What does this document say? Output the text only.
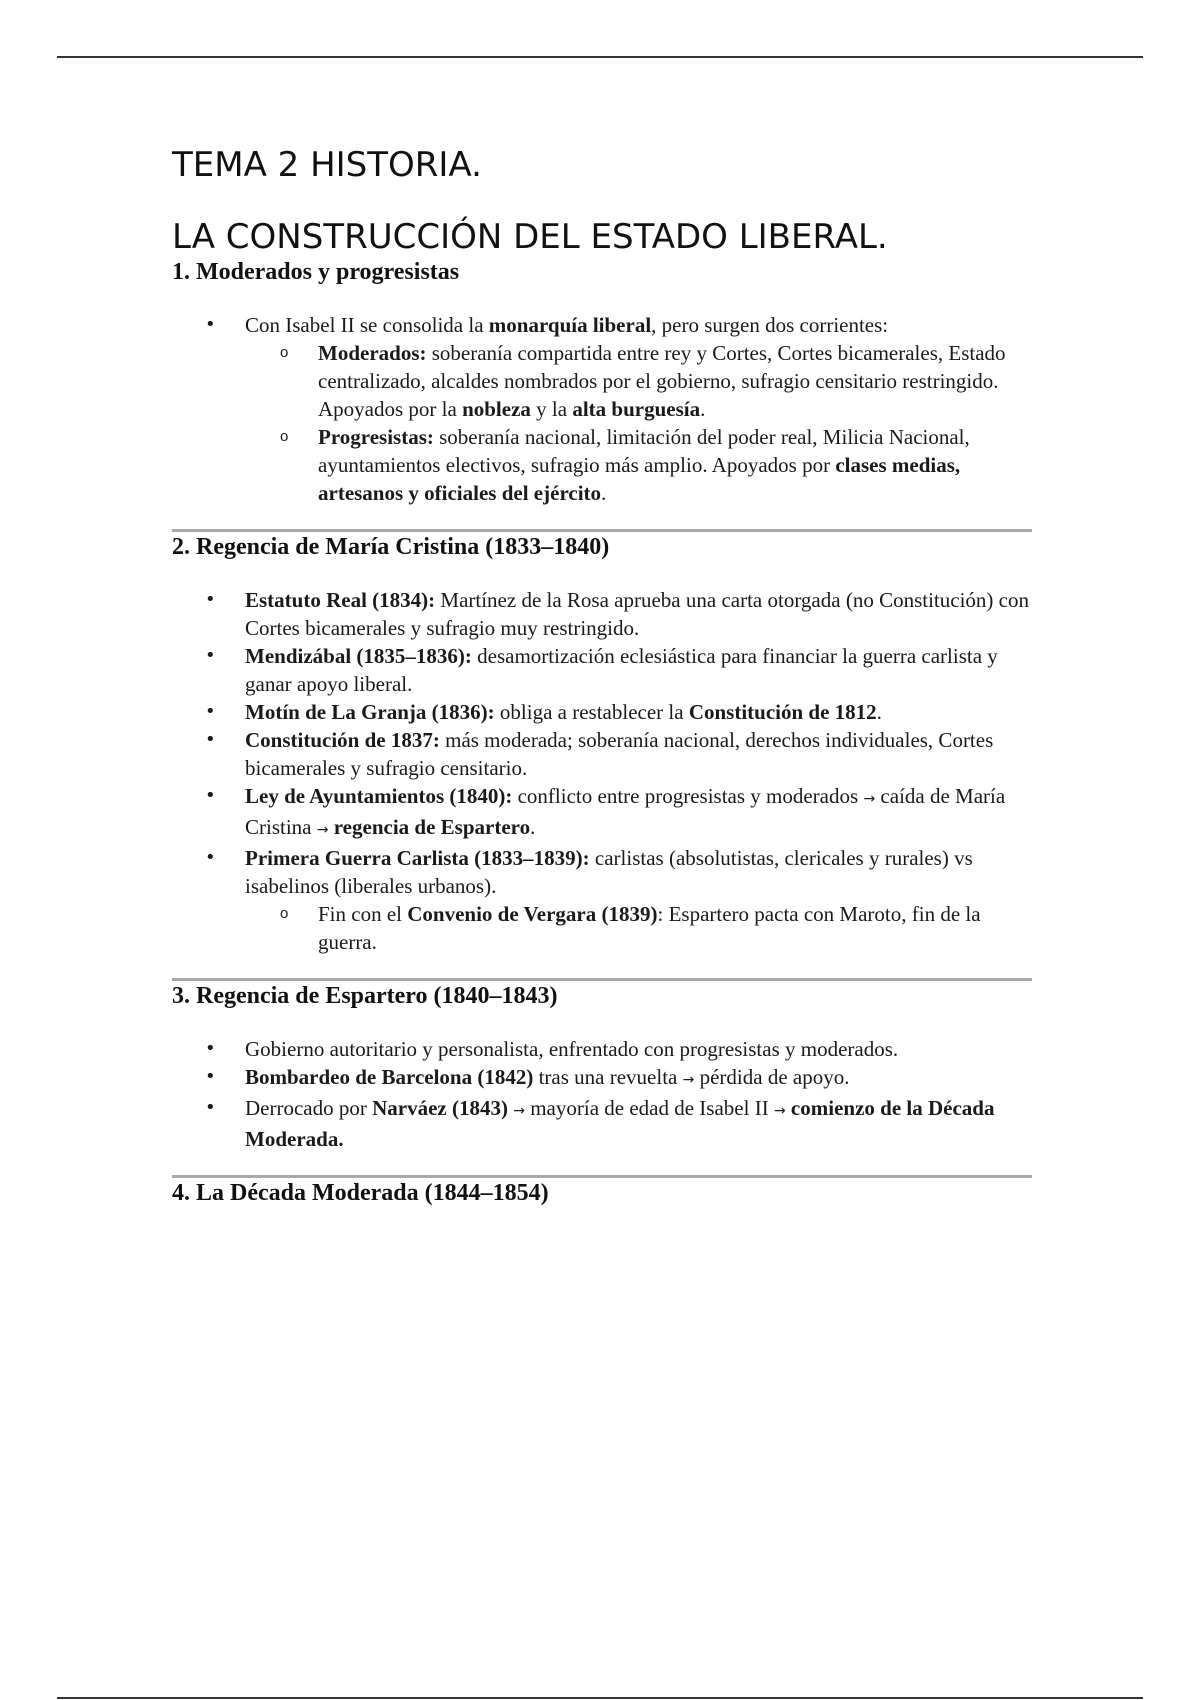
TEMA 2 HISTORIA.
LA CONSTRUCCIÓN DEL ESTADO LIBERAL.
1. Moderados y progresistas
• Con Isabel II se consolida la monarquía liberal, pero surgen dos corrientes:
o Moderados: soberanía compartida entre rey y Cortes, Cortes bicamerales, Estado centralizado, alcaldes nombrados por el gobierno, sufragio censitario restringido. Apoyados por la nobleza y la alta burguesía.
o Progresistas: soberanía nacional, limitación del poder real, Milicia Nacional, ayuntamientos electivos, sufragio más amplio. Apoyados por clases medias, artesanos y oficiales del ejército.
2. Regencia de María Cristina (1833–1840)
• Estatuto Real (1834): Martínez de la Rosa aprueba una carta otorgada (no Constitución) con Cortes bicamerales y sufragio muy restringido.
• Mendizábal (1835–1836): desamortización eclesiástica para financiar la guerra carlista y ganar apoyo liberal.
• Motín de La Granja (1836): obliga a restablecer la Constitución de 1812.
• Constitución de 1837: más moderada; soberanía nacional, derechos individuales, Cortes bicamerales y sufragio censitario.
• Ley de Ayuntamientos (1840): conflicto entre progresistas y moderados → caída de María Cristina → regencia de Espartero.
• Primera Guerra Carlista (1833–1839): carlistas (absolutistas, clericales y rurales) vs isabelinos (liberales urbanos).
o Fin con el Convenio de Vergara (1839): Espartero pacta con Maroto, fin de la guerra.
3. Regencia de Espartero (1840–1843)
• Gobierno autoritario y personalista, enfrentado con progresistas y moderados.
• Bombardeo de Barcelona (1842) tras una revuelta → pérdida de apoyo.
• Derrocado por Narváez (1843) → mayoría de edad de Isabel II → comienzo de la Década Moderada.
4. La Década Moderada (1844–1854)
